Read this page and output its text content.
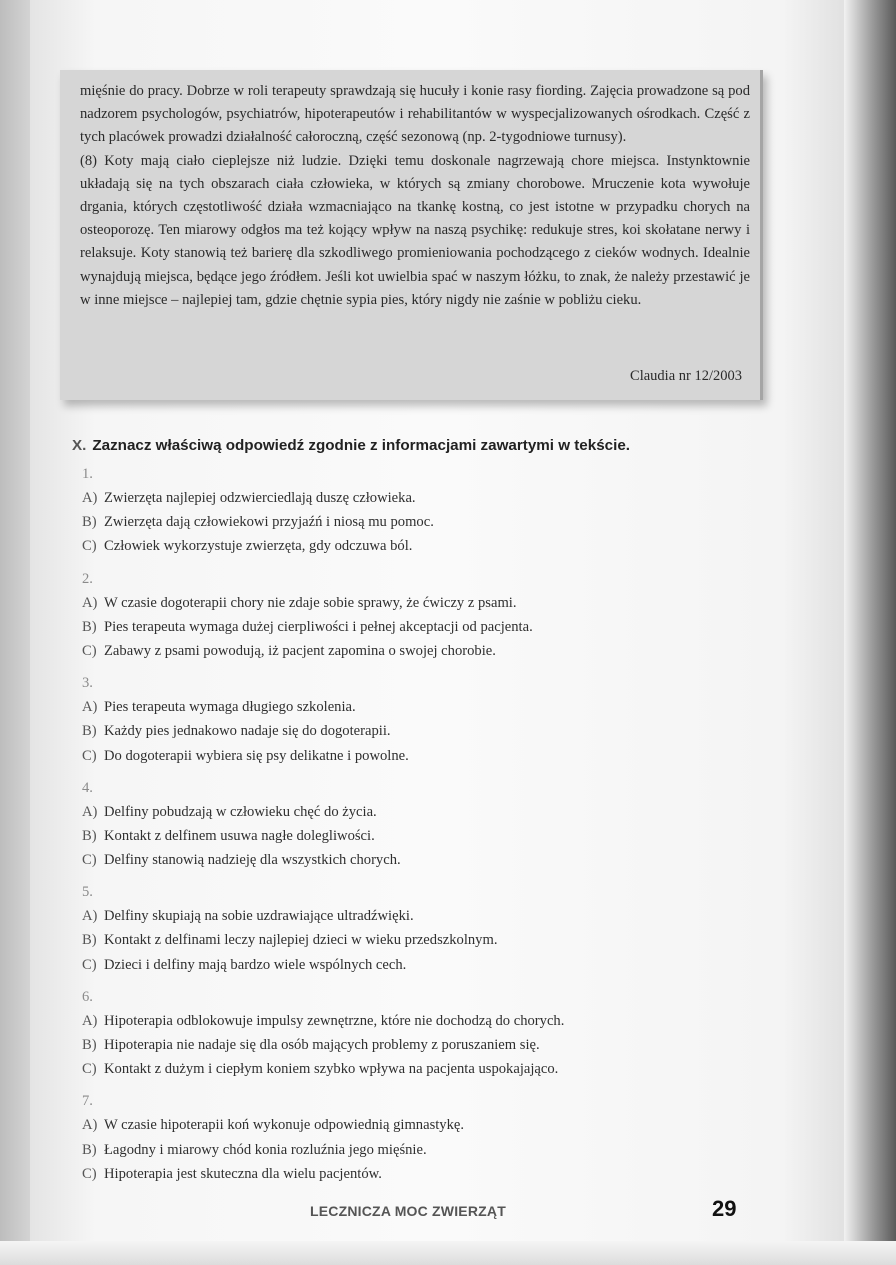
mięśnie do pracy. Dobrze w roli terapeuty sprawdzają się hucuły i konie rasy fiording. Zajęcia prowadzone są pod nadzorem psychologów, psychiatrów, hipoterapeutów i rehabilitantów w wyspecjalizowanych ośrodkach. Część z tych placówek prowadzi działalność całoroczną, część sezonową (np. 2-tygodniowe turnusy).

(8) Koty mają ciało cieplejsze niż ludzie. Dzięki temu doskonale nagrzewają chore miejsca. Instynktownie układają się na tych obszarach ciała człowieka, w których są zmiany chorobowe. Mruczenie kota wywołuje drgania, których częstotliwość działa wzmacniająco na tkankę kostną, co jest istotne w przypadku chorych na osteoporozę. Ten miarowy odgłos ma też kojący wpływ na naszą psychikę: redukuje stres, koi skołatane nerwy i relaksuje. Koty stanowią też barierę dla szkodliwego promieniowania pochodzącego z cieków wodnych. Idealnie wynajdują miejsca, będące jego źródłem. Jeśli kot uwielbia spać w naszym łóżku, to znak, że należy przestawić je w inne miejsce – najlepiej tam, gdzie chętnie sypia pies, który nigdy nie zaśnie w pobliżu cieku.

Claudia nr 12/2003
X. Zaznacz właściwą odpowiedź zgodnie z informacjami zawartymi w tekście.
1.
A) Zwierzęta najlepiej odzwierciedlają duszę człowieka.
B) Zwierzęta dają człowiekowi przyjaźń i niosą mu pomoc.
C) Człowiek wykorzystuje zwierzęta, gdy odczuwa ból.
2.
A) W czasie dogoterapii chory nie zdaje sobie sprawy, że ćwiczy z psami.
B) Pies terapeuta wymaga dużej cierpliwości i pełnej akceptacji od pacjenta.
C) Zabawy z psami powodują, iż pacjent zapomina o swojej chorobie.
3.
A) Pies terapeuta wymaga długiego szkolenia.
B) Każdy pies jednakowo nadaje się do dogoterapii.
C) Do dogoterapii wybiera się psy delikatne i powolne.
4.
A) Delfiny pobudzają w człowieku chęć do życia.
B) Kontakt z delfinem usuwa nagłe dolegliwości.
C) Delfiny stanowią nadzieję dla wszystkich chorych.
5.
A) Delfiny skupiają na sobie uzdrawiające ultradźwięki.
B) Kontakt z delfinami leczy najlepiej dzieci w wieku przedszkolnym.
C) Dzieci i delfiny mają bardzo wiele wspólnych cech.
6.
A) Hipoterapia odblokowuje impulsy zewnętrzne, które nie dochodzą do chorych.
B) Hipoterapia nie nadaje się dla osób mających problemy z poruszaniem się.
C) Kontakt z dużym i ciepłym koniem szybko wpływa na pacjenta uspokajająco.
7.
A) W czasie hipoterapii koń wykonuje odpowiednią gimnastykę.
B) Łagodny i miarowy chód konia rozluźnia jego mięśnie.
C) Hipoterapia jest skuteczna dla wielu pacjentów.
LECZNICZA MOC ZWIERZĄT	29
